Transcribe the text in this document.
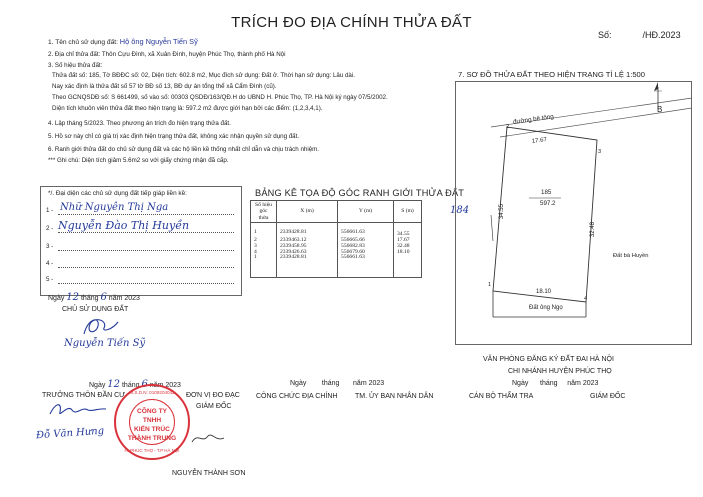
TRÍCH ĐO ĐỊA CHÍNH THỬA ĐẤT
Số:	/HĐ.2023
1. Tên chủ sử dụng đất: Hộ ông Nguyễn Tiến Sỹ
2. Địa chỉ thửa đất: Thôn Cựu Đình, xã Xuân Đình, huyện Phúc Thọ, thành phố Hà Nội
3. Số hiệu thửa đất:
Thửa đất số: 185, Tờ BĐĐC số: 02, Diện tích: 602.8 m2, Mục đích sử dụng: Đất ở. Thời hạn sử dụng: Lâu dài.
Nay xác định là thửa đất số 57 tờ BĐ số 13, BĐ dự án tổng thể xã Cẩm Đình (cũ).
Theo GCNQSDĐ số: S 661499, số vào số: 00303 QSDĐ/163/QĐ.H do UBND H. Phúc Thọ, TP. Hà Nội ký ngày 07/5/2002.
Diện tích khuôn viên thửa đất theo hiện trạng là: 597.2 m2 được giới hạn bởi các điểm: (1,2,3,4,1).
4. Lập tháng 5/2023. Theo phương án trích đo hiện trạng thửa đất.
5. Hồ sơ này chỉ có giá trị xác định hiện trạng thửa đất, không xác nhận quyền sử dụng đất.
6. Ranh giới thửa đất do chủ sử dụng đất và các hộ liền kề thống nhất chỉ dẫn và chịu trách nhiệm.
*** Ghi chú: Diện tích giảm 5.6m2 so với giấy chứng nhận đã cấp.
*/. Đại diện các chủ sử dụng đất tiếp giáp liền kề:
1 - Nhữ Nguyên Thị Nga
2 - Nguyễn Đào Thị Huyền
3 -
4 -
5 -
Ngày 12 tháng 6 năm 2023
CHỦ SỬ DỤNG ĐẤT
Nguyễn Tiến Sỹ
BẢNG KÊ TỌA ĐỘ GÓC RANH GIỚI THỬA ĐẤT
Số hiệu góc thửa	X (m)	Y (m)	S (m)
1	2339428.81	556661.63	34.55
2	2339463.12	556665.66	17.67
3	2339458.95	556682.83	32.48
4	2339426.63	556679.60	18.10
1	2339428.81	556661.63	
7. SƠ ĐỒ THỬA ĐẤT THEO HIỆN TRẠNG TỈ LỆ 1:500
B
đường bê tông
17.67
34.55
32.48
18.10
185
597.2
Đất bà Huyền
Đất ông Ngọ
184
1
2
3
4
VĂN PHÒNG ĐĂNG KÝ ĐẤT ĐAI HÀ NỘI
CHI NHÁNH HUYỆN PHÚC THỌ
Ngày      tháng     năm 2023
CÁN BỘ THẨM TRA	GIÁM ĐỐC
Ngày 12 tháng 6 năm 2023
TRƯỞNG THÔN ĐẦN CƯ	ĐƠN VỊ ĐO ĐẠC
GIÁM ĐỐC
Ngày        tháng       năm 2023
CÔNG CHỨC ĐỊA CHÍNH	TM. ỦY BAN NHÂN DÂN
Đỗ Văn Hưng
M.S.D.N: 0109204042
CÔNG TY
TNHH
KIẾN TRÚC
THÀNH TRUNG
H. PHÚC THỌ - T.P HÀ NỘI
NGUYỄN THÀNH SƠN
